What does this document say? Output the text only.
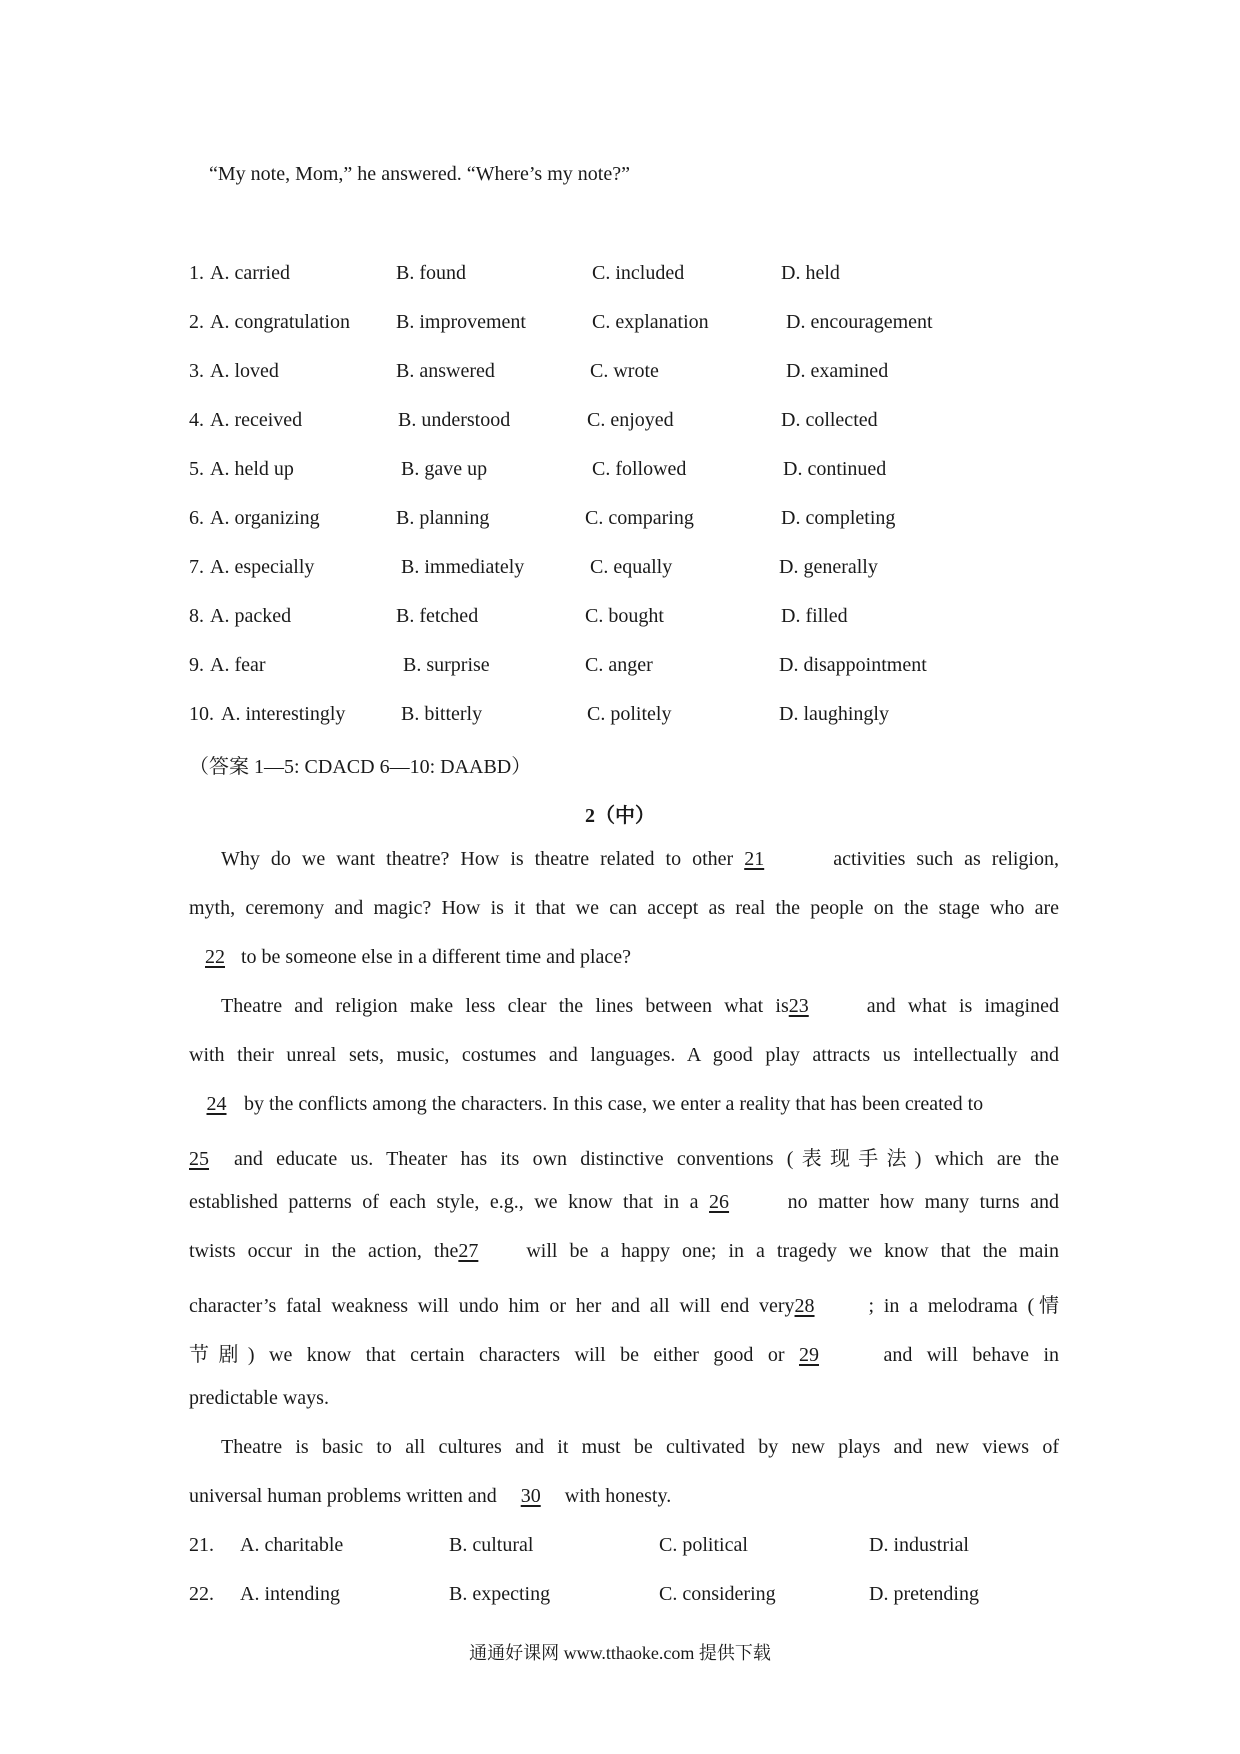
“My note, Mom,” he answered. “Where’s my note?”
1. A. carried	B. found	C. included	D. held
2. A. congratulation B. improvement	C. explanation	D. encouragement
3. A. loved	B. answered	C. wrote	D. examined
4. A. received	B. understood	C. enjoyed	D. collected
5. A. held up	B. gave up	C. followed	D. continued
6. A. organizing	B. planning	C. comparing	D. completing
7. A. especially	B. immediately	C. equally	D. generally
8. A. packed	B. fetched	C. bought	D. filled
9. A. fear	B. surprise	C. anger	D. disappointment
10. A. interestingly	B. bitterly	C. politely	D. laughingly
（答案 1—5: CDACD 6—10: DAABD）
2（中）
Why do we want theatre? How is theatre related to other 21	activities such as religion,
myth, ceremony and magic? How is it that we can accept as real the people on the stage who are
22 to be someone else in a different time and place?
Theatre and religion make less clear the lines between what is23	and what is imagined
with their unreal sets, music, costumes and languages. A good play attracts us intellectually and
24 by the conflicts among the characters. In this case, we enter a reality that has been created to
25 and educate us. Theater has its own distinctive conventions (表现手法) which are the
established patterns of each style, e.g., we know that in a 26	no matter how many turns and
twists occur in the action, the27 will be a happy one; in a tragedy we know that the main
character’s fatal weakness will undo him or her and all will end very28	; in a melodrama (情
节剧) we know that certain characters will be either good or 29	and will behave in
predictable ways.
Theatre is basic to all cultures and it must be cultivated by new plays and new views of
universal human problems written and 30 with honesty.
21. A. charitable	B. cultural	C. political	D. industrial
22. A. intending	B. expecting	C. considering	D. pretending
通通好课网 www.tthaoke.com 提供下载
